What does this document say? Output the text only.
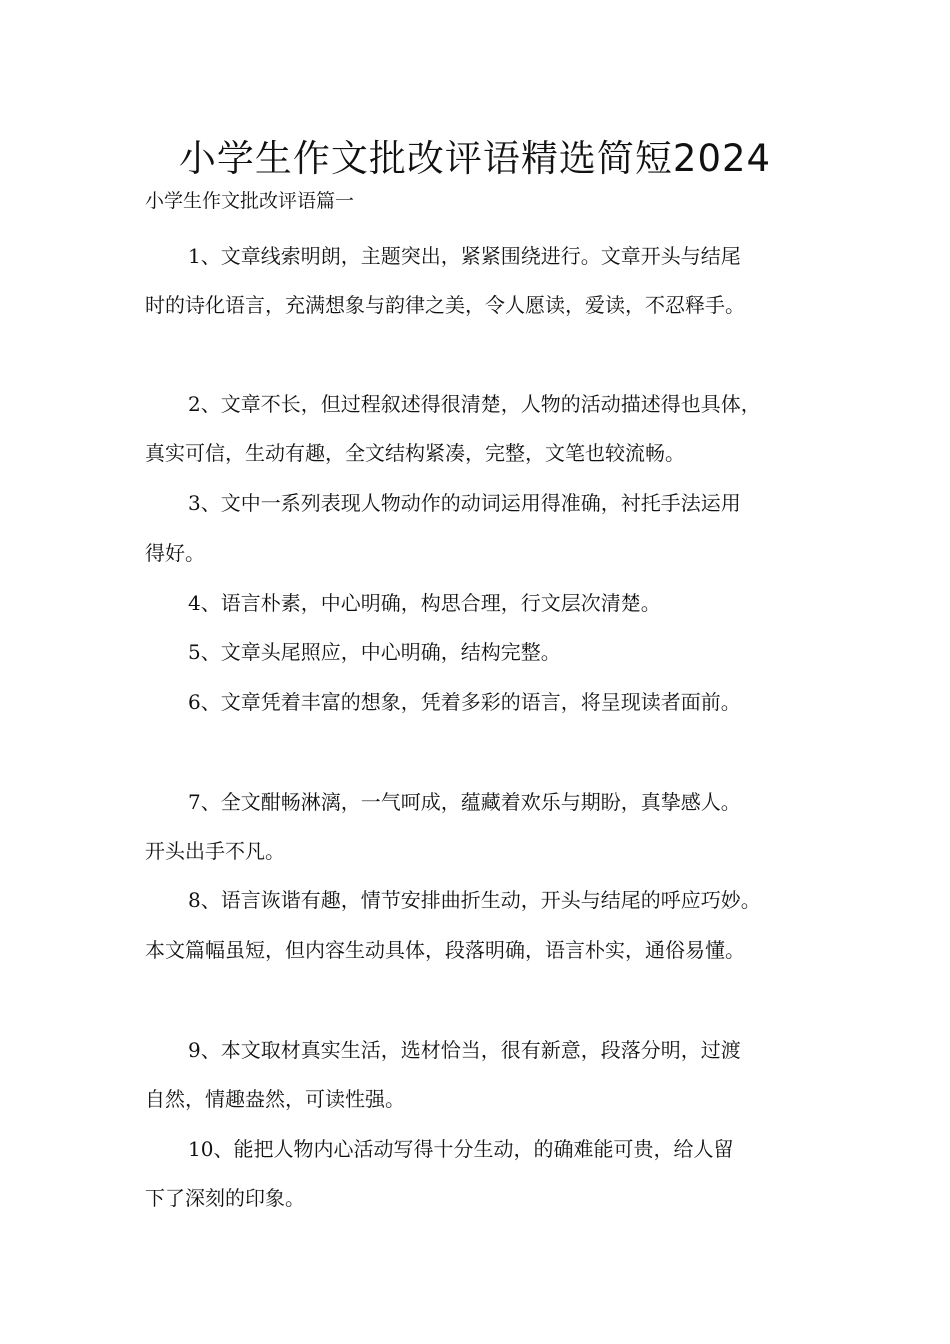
小学生作文批改评语精选简短2024
小学生作文批改评语篇一

1、文章线索明朗，主题突出，紧紧围绕进行。文章开头与结尾

时的诗化语言，充满想象与韵律之美，令人愿读，爱读，不忍释手。

2、文章不长，但过程叙述得很清楚，人物的活动描述得也具体，

真实可信，生动有趣，全文结构紧凑，完整，文笔也较流畅。

3、文中一系列表现人物动作的动词运用得准确，衬托手法运用

得好。

4、语言朴素，中心明确，构思合理，行文层次清楚。

5、文章头尾照应，中心明确，结构完整。

6、文章凭着丰富的想象，凭着多彩的语言，将呈现读者面前。

7、全文酣畅淋漓，一气呵成，蕴藏着欢乐与期盼，真挚感人。

开头出手不凡。

8、语言诙谐有趣，情节安排曲折生动，开头与结尾的呼应巧妙。

本文篇幅虽短，但内容生动具体，段落明确，语言朴实，通俗易懂。

9、本文取材真实生活，选材恰当，很有新意，段落分明，过渡

自然，情趣盎然，可读性强。

10、能把人物内心活动写得十分生动，的确难能可贵，给人留

下了深刻的印象。
